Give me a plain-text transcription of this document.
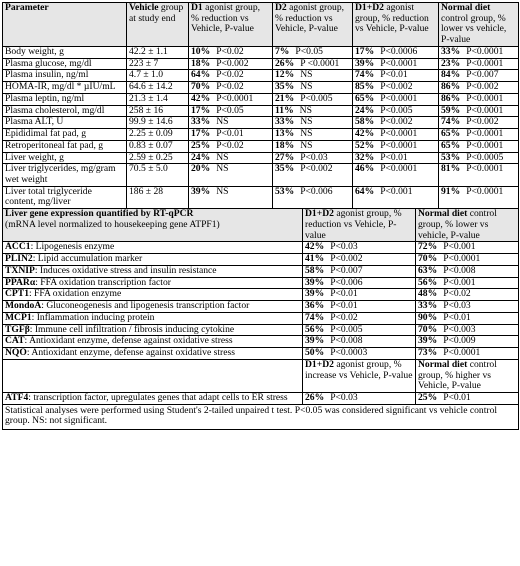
Parameter	Vehicle group at study end	D1 agonist group, % reduction vs Vehicle, P-value	D2 agonist group, % reduction vs Vehicle, P-value	D1+D2 agonist group, % reduction vs Vehicle, P-value	Normal diet control group, % lower vs vehicle, P-value
Body weight, g	42.2 ± 1.1	10% P<0.02	7% P<0.05	17% P<0.0006	33% P<0.0001
Plasma glucose, mg/dl	223 ± 7	18% P<0.002	26% P <0.0001	39% P<0.0001	23% P<0.0001
Plasma insulin, ng/ml	4.7 ± 1.0	64% P<0.02	12% NS	74% P<0.01	84% P<0.007
HOMA-IR, mg/dl * µIU/mL	64.6 ± 14.2	70% P<0.02	35% NS	85% P<0.002	86% P<0.002
Plasma leptin, ng/ml	21.3 ± 1.4	42% P<0.0001	21% P<0.005	65% P<0.0001	86% P<0.0001
Plasma cholesterol, mg/dl	258 ± 16	17% P<0.05	11% NS	24% P<0.005	59% P<0.0001
Plasma ALT, U	99.9 ± 14.6	33% NS	33% NS	58% P<0.002	74% P<0.002
Epididimal fat pad, g	2.25 ± 0.09	17% P<0.01	13% NS	42% P<0.0001	65% P<0.0001
Retroperitoneal fat pad, g	0.83 ± 0.07	25% P<0.02	18% NS	52% P<0.0001	65% P<0.0001
Liver weight, g	2.59 ± 0.25	24% NS	27% P<0.03	32% P<0.01	53% P<0.0005
Liver triglycerides, mg/gram wet weight	70.5 ± 5.0	20% NS	35% P<0.002	46% P<0.0001	81% P<0.0001
Liver total triglyceride content, mg/liver	186 ± 28	39% NS	53% P<0.006	64% P<0.001	91% P<0.0001
Liver gene expression quantified by RT-qPCR
(mRNA level normalized to housekeeping gene ATPF1)	D1+D2 agonist group, % reduction vs Vehicle, P-value	Normal diet control group, % lower vs vehicle, P-value
ACC1: Lipogenesis enzyme	42% P<0.03	72% P<0.001
PLIN2: Lipid accumulation marker	41% P<0.002	70% P<0.0001
TXNIP: Induces oxidative stress and insulin resistance	58% P<0.007	63% P<0.008
PPARα: FFA oxidation transcription factor	39% P<0.006	56% P<0.001
CPT1: FFA oxidation enzyme	39% P<0.01	48% P<0.02
MondoA: Gluconeogenesis and lipogenesis transcription factor	36% P<0.01	33% P<0.03
MCP1: Inflammation inducing protein	74% P<0.02	90% P<0.01
TGFβ: Immune cell infiltration / fibrosis inducing cytokine	56% P<0.005	70% P<0.003
CAT: Antioxidant enzyme, defense against oxidative stress	39% P<0.008	39% P<0.009
NQO: Antioxidant enzyme, defense against oxidative stress	50% P<0.0003	73% P<0.0001
	D1+D2 agonist group, % increase vs Vehicle, P-value	Normal diet control group, % higher vs Vehicle, P-value
ATF4: transcription factor, upregulates genes that adapt cells to ER stress	26% P<0.03	25% P<0.01
Statistical analyses were performed using Student's 2-tailed unpaired t test. P<0.05 was considered significant vs vehicle control group. NS: not significant.		
